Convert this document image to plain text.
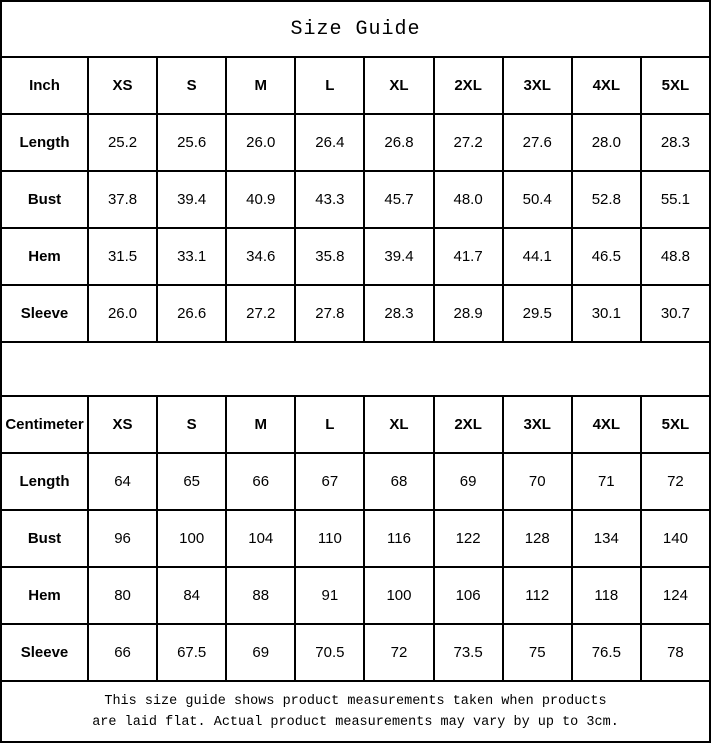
Size Guide
Inch	XS	S	M	L	XL	2XL	3XL	4XL	5XL
Length	25.2	25.6	26.0	26.4	26.8	27.2	27.6	28.0	28.3
Bust	37.8	39.4	40.9	43.3	45.7	48.0	50.4	52.8	55.1
Hem	31.5	33.1	34.6	35.8	39.4	41.7	44.1	46.5	48.8
Sleeve	26.0	26.6	27.2	27.8	28.3	28.9	29.5	30.1	30.7
Centimeter	XS	S	M	L	XL	2XL	3XL	4XL	5XL
Length	64	65	66	67	68	69	70	71	72
Bust	96	100	104	110	116	122	128	134	140
Hem	80	84	88	91	100	106	112	118	124
Sleeve	66	67.5	69	70.5	72	73.5	75	76.5	78
This size guide shows product measurements taken when products
are laid flat. Actual product measurements may vary by up to 3cm.
